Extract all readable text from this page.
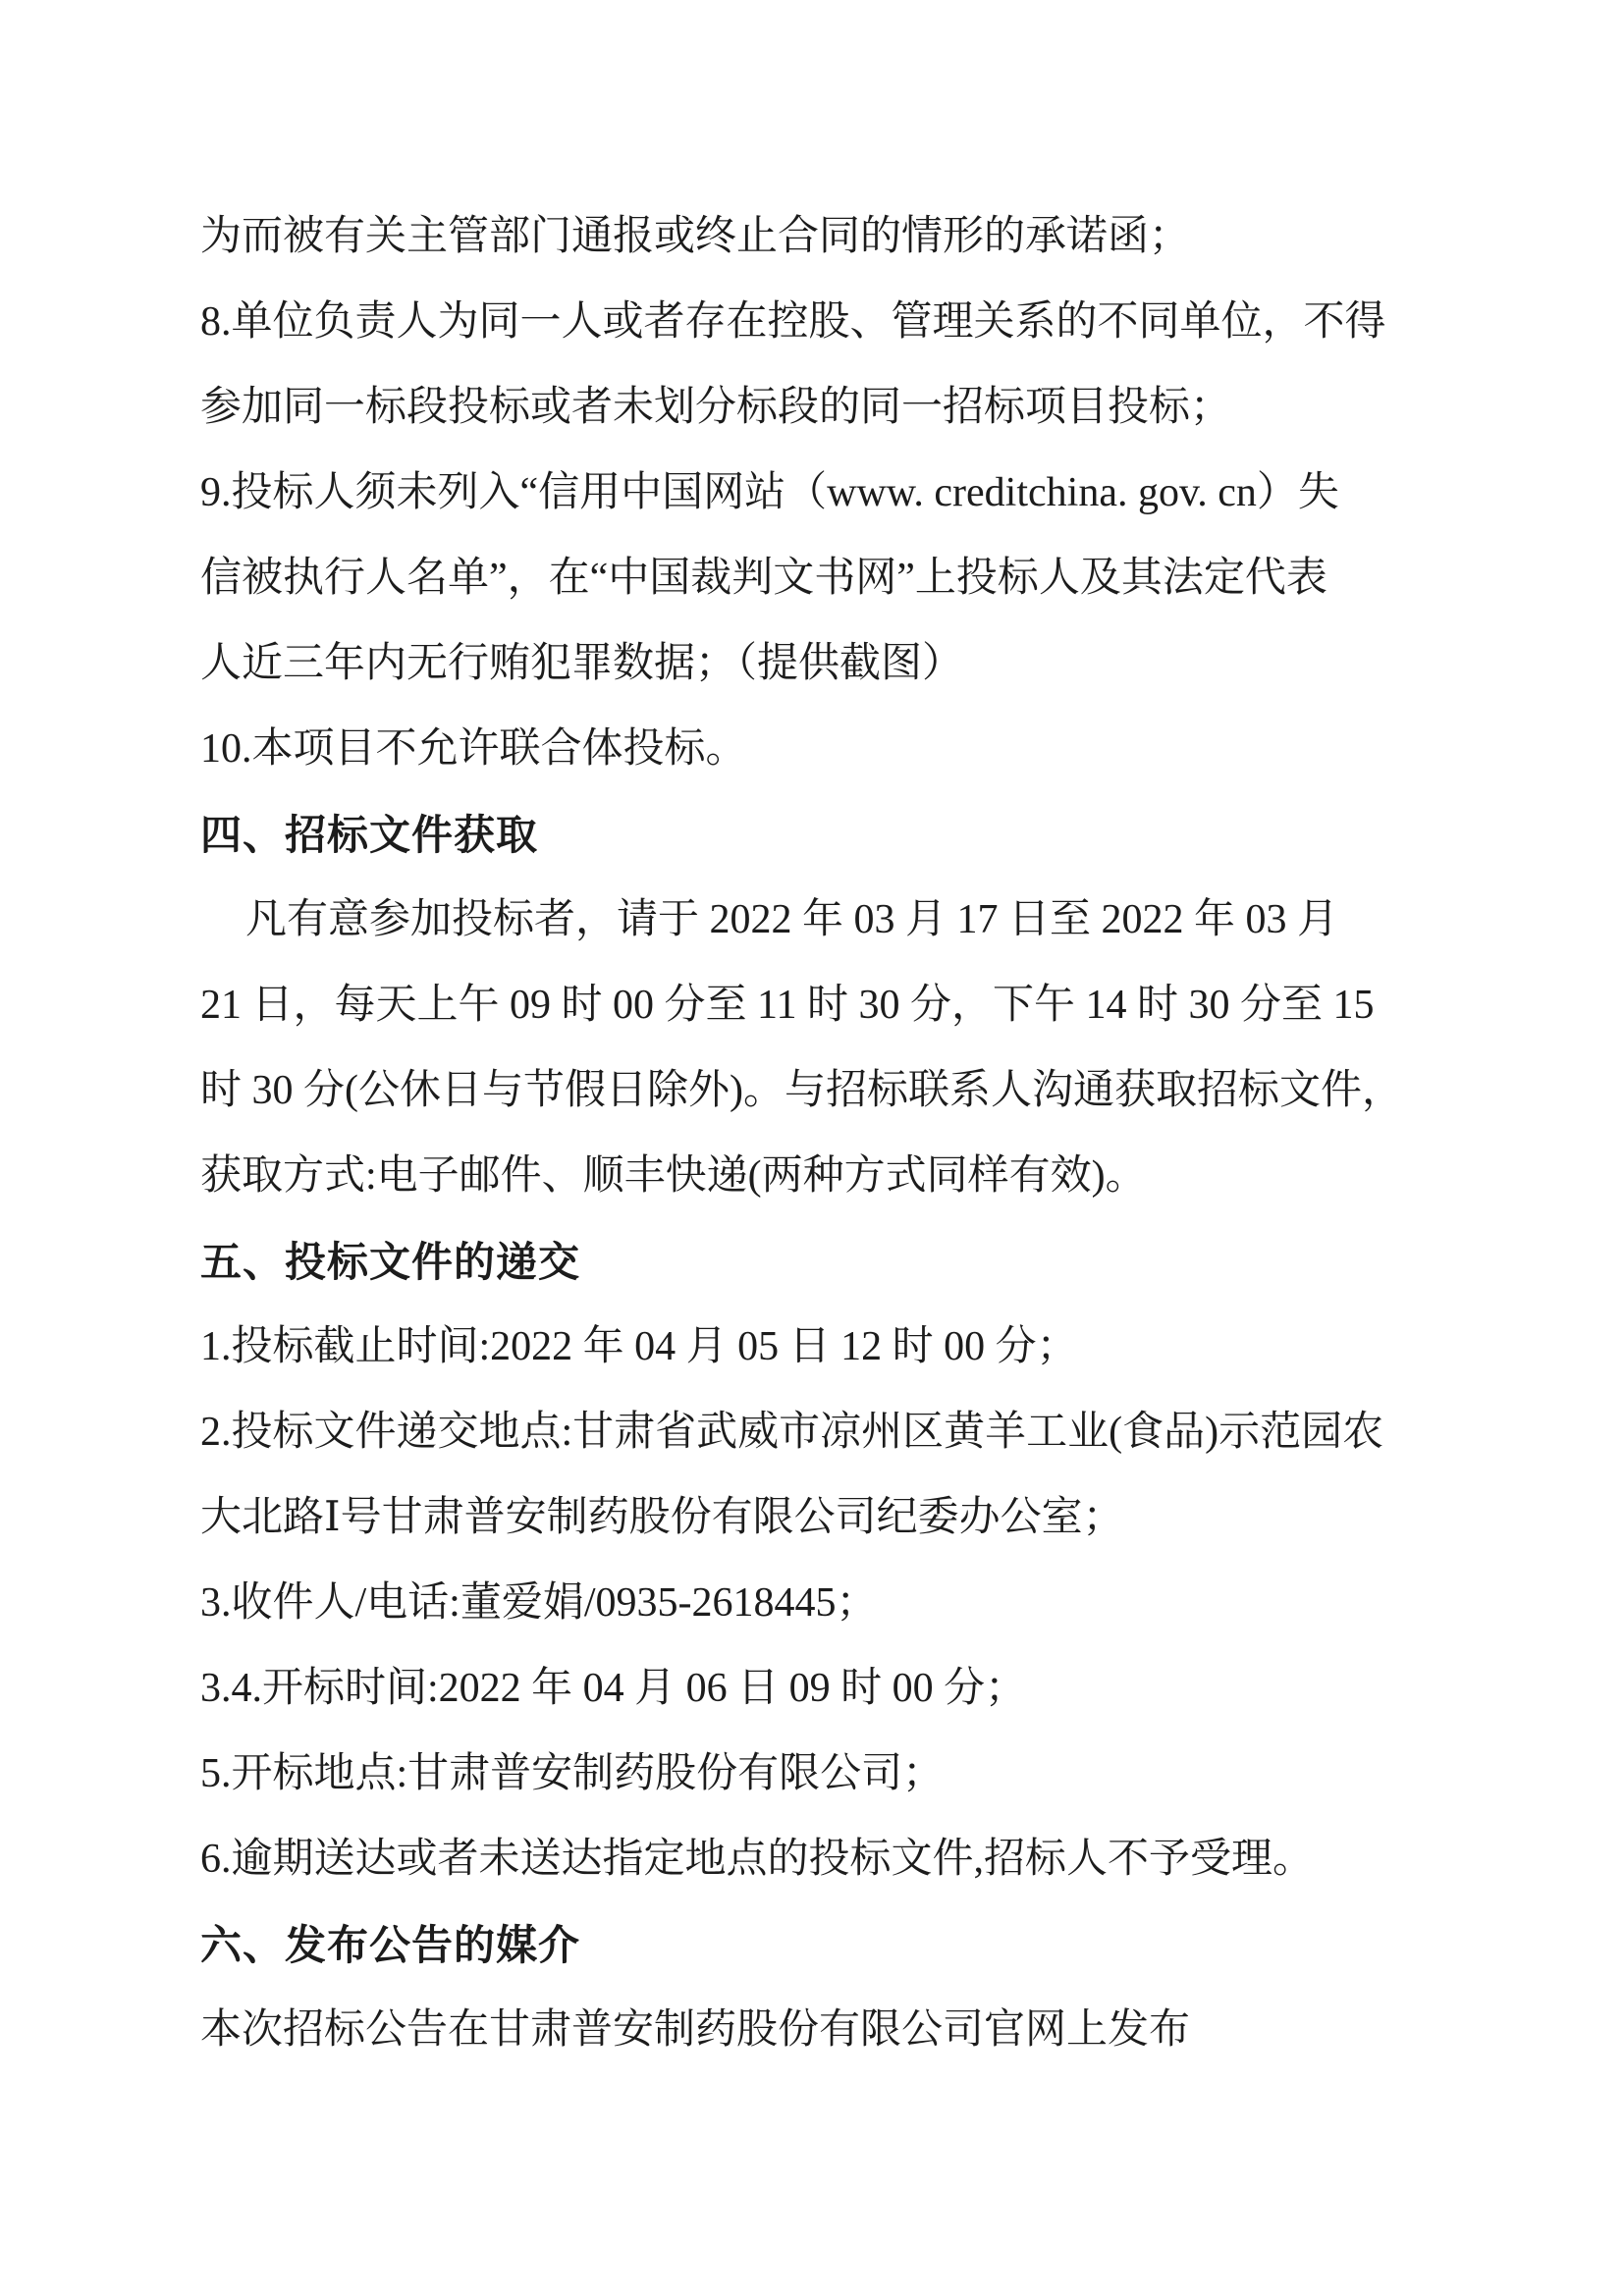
为而被有关主管部门通报或终止合同的情形的承诺函；
8.单位负责人为同一人或者存在控股、管理关系的不同单位，不得
参加同一标段投标或者未划分标段的同一招标项目投标；
9.投标人须未列入“信用中国网站（www. creditchina. gov. cn）失
信被执行人名单”，在“中国裁判文书网”上投标人及其法定代表
人近三年内无行贿犯罪数据；（提供截图）
10.本项目不允许联合体投标。
四、招标文件获取
凡有意参加投标者，请于 2022 年 03 月 17 日至 2022 年 03 月
21 日，每天上午 09 时 00 分至 11 时 30 分，下午 14 时 30 分至 15
时 30 分(公休日与节假日除外)。与招标联系人沟通获取招标文件，
获取方式:电子邮件、顺丰快递(两种方式同样有效)。
五、投标文件的递交
1.投标截止时间:2022 年 04 月 05 日 12 时 00 分；
2.投标文件递交地点:甘肃省武威市凉州区黄羊工业(食品)示范园农
大北路Ⅰ号甘肃普安制药股份有限公司纪委办公室；
3.收件人/电话:董爱娟/0935-2618445；
3.4.开标时间:2022 年 04 月 06 日 09 时 00 分；
5.开标地点:甘肃普安制药股份有限公司；
6.逾期送达或者未送达指定地点的投标文件,招标人不予受理。
六、发布公告的媒介
本次招标公告在甘肃普安制药股份有限公司官网上发布
